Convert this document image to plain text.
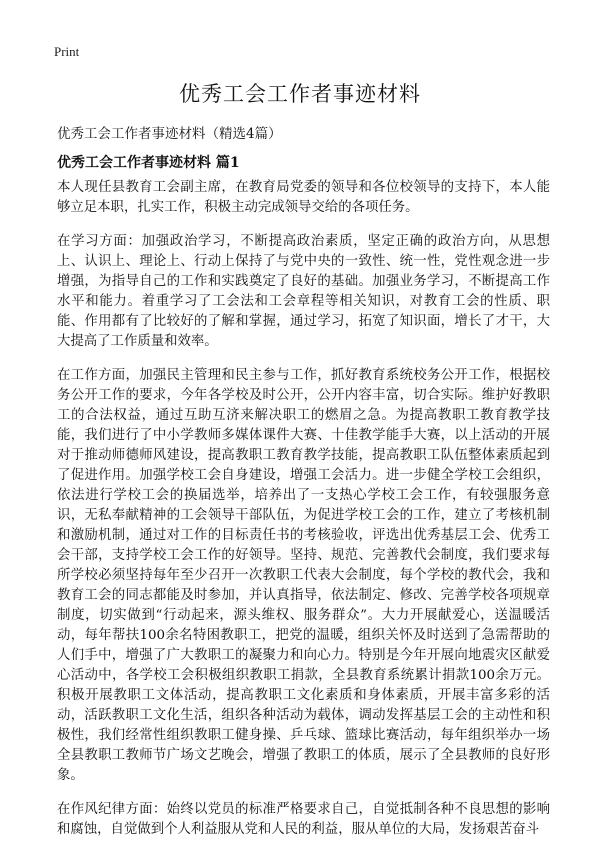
Print
优秀工会工作者事迹材料
优秀工会工作者事迹材料（精选4篇）
优秀工会工作者事迹材料 篇1

本人现任县教育工会副主席，在教育局党委的领导和各位校领导的支持下，本人能够立足本职，扎实工作，积极主动完成领导交给的各项任务。

在学习方面：加强政治学习，不断提高政治素质，坚定正确的政治方向，从思想上、认识上、理论上、行动上保持了与党中央的一致性、统一性，党性观念进一步增强，为指导自己的工作和实践奠定了良好的基础。加强业务学习，不断提高工作水平和能力。着重学习了工会法和工会章程等相关知识，对教育工会的性质、职能、作用都有了比较好的了解和掌握，通过学习，拓宽了知识面，增长了才干，大大提高了工作质量和效率。

在工作方面，加强民主管理和民主参与工作，抓好教育系统校务公开工作，根据校务公开工作的要求，今年各学校及时公开，公开内容丰富，切合实际。维护好教职工的合法权益，通过互助互济来解决职工的燃眉之急。为提高教职工教育教学技能，我们进行了中小学教师多媒体课件大赛、十佳教学能手大赛，以上活动的开展对于推动师德师风建设，提高教职工教育教学技能，提高教职工队伍整体素质起到了促进作用。加强学校工会自身建设，增强工会活力。进一步健全学校工会组织，依法进行学校工会的换届选举，培养出了一支热心学校工会工作，有较强服务意识，无私奉献精神的工会领导干部队伍，为促进学校工会的工作，建立了考核机制和激励机制，通过对工作的目标责任书的考核验收，评选出优秀基层工会、优秀工会干部，支持学校工会工作的好领导。坚持、规范、完善教代会制度，我们要求每所学校必须坚持每年至少召开一次教职工代表大会制度，每个学校的教代会，我和教育工会的同志都能及时参加，并认真指导，依法制定、修改、完善学校各项规章制度，切实做到“行动起来，源头维权、服务群众”。大力开展献爱心，送温暖活动，每年帮扶100余名特困教职工，把党的温暖，组织关怀及时送到了急需帮助的人们手中，增强了广大教职工的凝聚力和向心力。特别是今年开展向地震灾区献爱心活动中，各学校工会积极组织教职工捐款，全县教育系统累计捐款100余万元。积极开展教职工文体活动，提高教职工文化素质和身体素质，开展丰富多彩的活动，活跃教职工文化生活，组织各种活动为载体，调动发挥基层工会的主动性和积极性，我们经常性组织教职工健身操、乒乓球、篮球比赛活动，每年组织举办一场全县教职工教师节广场文艺晚会，增强了教职工的体质，展示了全县教师的良好形象。

在作风纪律方面：始终以党员的标准严格要求自己，自觉抵制各种不良思想的影响和腐蚀，自觉做到个人利益服从党和人民的利益，服从单位的大局，发扬艰苦奋斗
